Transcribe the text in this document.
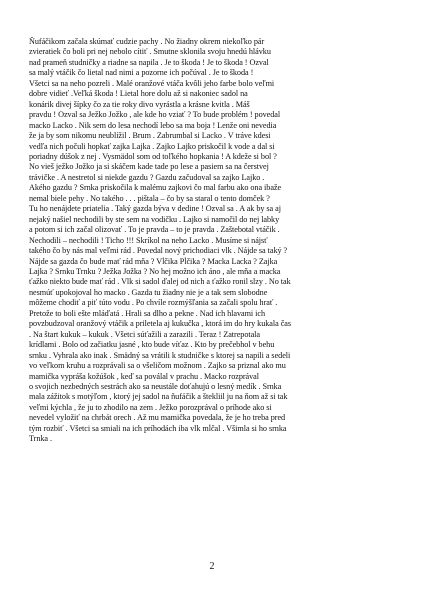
Ňufáčikom začala skúmať cudzie pachy . No žiadny okrem niekoľko pár
zvieratiek čo boli pri nej nebolo cítiť . Smutne sklonila svoju hnedú hlávku
nad prameň studničky a riadne sa napila . Je to škoda ! Je to škoda ! Ozval
sa malý vtáčik čo lietal nad nimi a pozorne ich počúval . Je to škoda !
Všetci sa na neho pozreli . Malé oranžové vtáča kvôli jeho farbe bolo veľmi
dobre vidieť .Veľká škoda ! Lietal hore dolu až si nakoniec sadol na
konárik divej šípky čo za tie roky divo vyrástla a krásne kvitla . Máš
pravdu ! Ozval sa Ježko Jožko , ale kde ho vziať ? To bude problém ! povedal
macko Lacko . Nik sem do lesa nechodí lebo sa ma boja ! Lenže oni nevedia
že ja by som nikomu neublížil . Brum . Zabrumbal si Lacko . V tráve kdesi
vedľa nich počuli hopkať zajka Lajka . Zajko Lajko priskočil k vode a dal si
poriadny dúšok z nej . Vysmädol som od toľkého hopkania ! A kdeže si bol ?
No vieš ježko Jožko ja si skáčem kade tade po lese a pasiem sa na čerstvej
trávičke . A nestretol si niekde gazdu ? Gazdu začudoval sa zajko Lajko .
Akého gazdu ? Srnka priskočila k malému zajkovi čo mal farbu ako ona ibaže
nemal biele pehy . No takého . . . pištala – čo by sa staral o tento domček ?
Tu ho nenájdete priatelia . Taký gazda býva v dedine ! Ozval sa . A ak by sa aj
nejaký našiel nechodili by ste sem na vodičku . Lajko si namočil do nej labky
a potom si ich začal olizovať . To je pravda – to je pravda . Zaštebotal vtáčik .
Nechodili – nechodili ! Ticho !!! Skríkol na neho Lacko . Musíme si nájsť
takého čo by nás mal veľmi rád . Povedal nový prichodiaci vlk . Nájde sa taký ?
Nájde sa gazda čo bude mať rád mňa ? Vĺčika Pĺčika ? Macka Lacka ? Zajka
Lajka ? Srnku Trnku ? Ježka Jožka ? No hej možno ich áno , ale mňa a macka
ťažko niekto bude mať rád . Vlk si sadol ďalej od nich a ťažko ronil slzy . No tak
nesmúť upokojoval ho macko . Gazda tu žiadny nie je a tak sem slobodne
môžeme chodiť a piť túto vodu . Po chvíle rozmýšľania sa začali spolu hrať .
Pretože to boli ešte mláďatá . Hrali sa dlho a pekne . Nad ich hlavami ich
povzbudzoval oranžový vtáčik a priletela aj kukučka , ktorá im do hry kukala čas
. Na štart kukuk – kukuk . Všetci súťažili a zarazili . Teraz ! Zatrepotala
krídlami . Bolo od začiatku jasné , kto bude víťaz . Kto by prečebhol v behu
srnku . Vyhrala ako inak . Smädný sa vrátili k studničke s ktorej sa napili a sedeli
vo veľkom kruhu a rozprávali sa o všeličom možnom . Zajko sa priznal ako mu
mamička vypráša kožúšok , keď sa poválal v prachu . Macko rozprával
o svojich nezbedných sestrách ako sa neustále doťahujú o lesný medík . Srnka
mala zážitok s motýľom , ktorý jej sadol na ňufáčik a štekliil ju na ňom až si tak
veľmi kýchla , že ju to zhodilo na zem . Ježko porozprával o príhode ako si
nevedel vyložiť na chrbát orech . Až mu mamička povedala, že je ho treba pred
tým rozbiť . Všetci sa smiali na ich príhodách iba vlk mĺčal . Všimla si ho srnka
Trnka .
2
